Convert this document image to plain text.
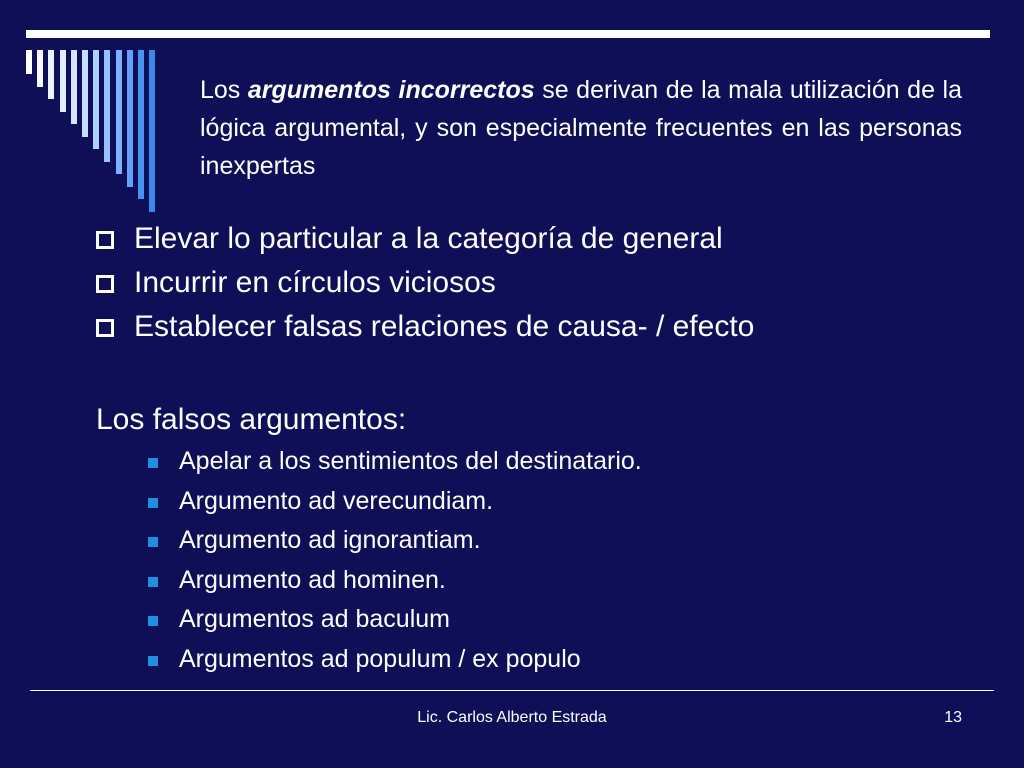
Los argumentos incorrectos se derivan de la mala utilización de la lógica argumental, y son especialmente frecuentes en las personas inexpertas

Elevar lo particular a la categoría de general
Incurrir en círculos viciosos
Establecer falsas relaciones de causa- / efecto
Los falsos argumentos:
Apelar a los sentimientos del destinatario.
Argumento ad verecundiam.
Argumento ad ignorantiam.
Argumento ad hominen.
Argumentos ad baculum
Argumentos ad populum / ex populo
Lic. Carlos Alberto Estrada	13
